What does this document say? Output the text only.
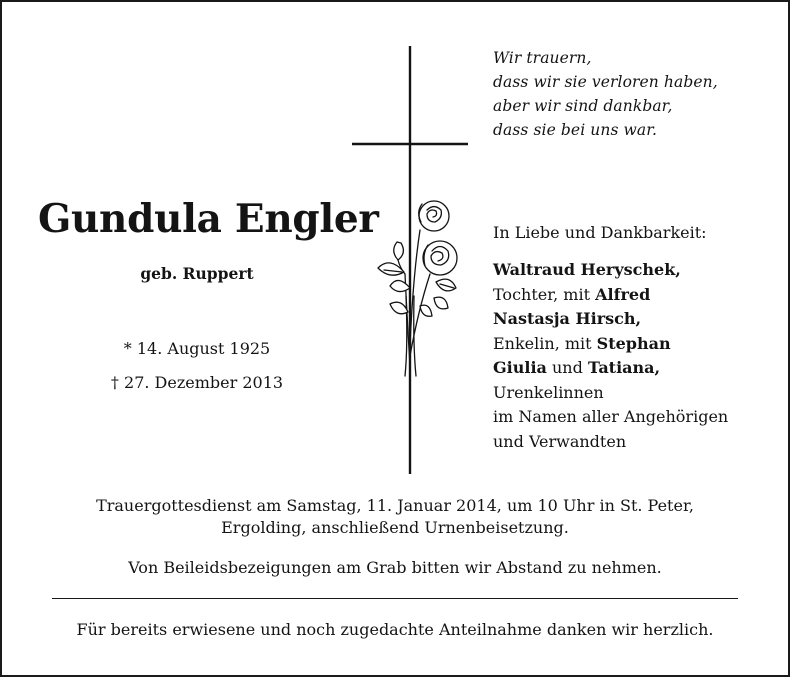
Wir trauern,
dass wir sie verloren haben,
aber wir sind dankbar,
dass sie bei uns war.
Gundula Engler
geb. Ruppert
* 14. August 1925
† 27. Dezember 2013
In Liebe und Dankbarkeit:
Waltraud Heryschek,
Tochter, mit Alfred
Nastasja Hirsch,
Enkelin, mit Stephan
Giulia und Tatiana,
Urenkelinnen
im Namen aller Angehörigen
und Verwandten
Trauergottesdienst am Samstag, 11. Januar 2014, um 10 Uhr in St. Peter,
Ergolding, anschließend Urnenbeisetzung.
Von Beileidsbezeigungen am Grab bitten wir Abstand zu nehmen.
Für bereits erwiesene und noch zugedachte Anteilnahme danken wir herzlich.
